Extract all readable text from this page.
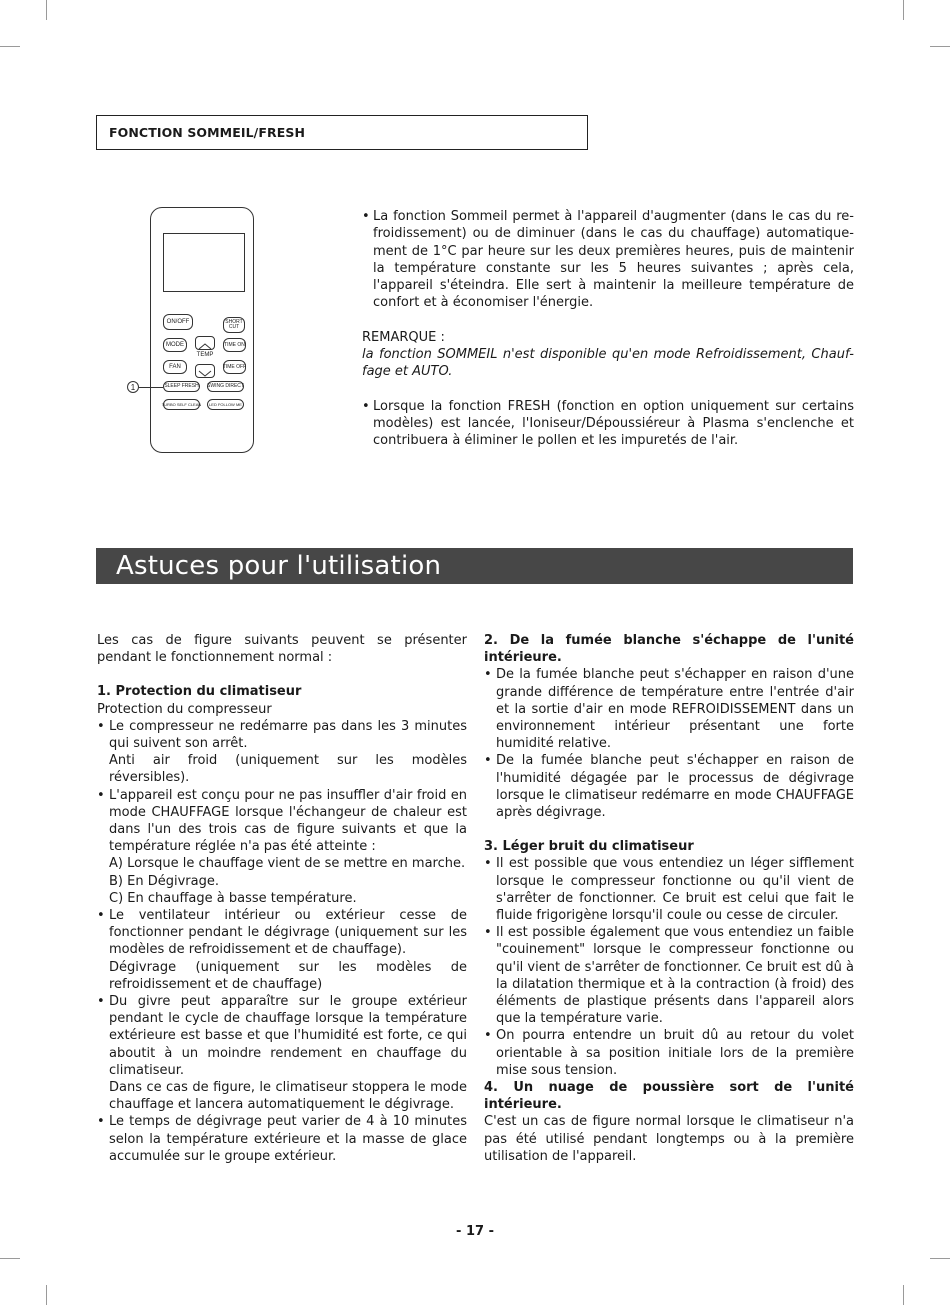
FONCTION SOMMEIL/FRESH
ON/OFF	SHORT CUT
MODE	TIME ON
TEMP
FAN	TIME OFF
SLEEP FRESH SWING DIRECT
TURBO SELF CLEAN	LED FOLLOW ME
1

• La fonction Sommeil permet à l'appareil d'augmenter (dans le cas du re- froidissement) ou de diminuer (dans le cas du chauffage) automatique- ment de 1°C par heure sur les deux premières heures, puis de maintenir la température constante sur les 5 heures suivantes ; après cela, l'appareil s'éteindra. Elle sert à maintenir la meilleure température de confort et à économiser l'énergie.

REMARQUE :

la fonction SOMMEIL n'est disponible qu'en mode Refroidissement, Chauf- fage et AUTO.

• Lorsque la fonction FRESH (fonction en option uniquement sur certains modèles) est lancée, l'Ioniseur/Dépoussiéreur à Plasma s'enclenche et contribuera à éliminer le pollen et les impuretés de l'air.

Astuces pour l'utilisation

Les cas de figure suivants peuvent se présenter pendant le fonctionnement normal :

1. Protection du climatiseur

Protection du compresseur

• Le compresseur ne redémarre pas dans les 3 minutes qui suivent son arrêt.

Anti air froid (uniquement sur les modèles réversibles).

• L'appareil est conçu pour ne pas insuffler d'air froid en mode CHAUFFAGE lorsque l'échangeur de chaleur est dans l'un des trois cas de figure suivants et que la température réglée n'a pas été atteinte :

A) Lorsque le chauffage vient de se mettre en marche.

B) En Dégivrage.

C) En chauffage à basse température.

• Le ventilateur intérieur ou extérieur cesse de fonctionner pendant le dégivrage (uniquement sur les modèles de refroidissement et de chauffage).

Dégivrage (uniquement sur les modèles de refroidissement et de chauffage)

• Du givre peut apparaître sur le groupe extérieur pendant le cycle de chauffage lorsque la température extérieure est basse et que l'humidité est forte, ce qui aboutit à un moindre rendement en chauffage du climatiseur.

Dans ce cas de figure, le climatiseur stoppera le mode chauffage et lancera automatiquement le dégivrage.

• Le temps de dégivrage peut varier de 4 à 10 minutes selon la température extérieure et la masse de glace accumulée sur le groupe extérieur.

2. De la fumée blanche s'échappe de l'unité intérieure.

• De la fumée blanche peut s'échapper en raison d'une grande différence de température entre l'entrée d'air et la sortie d'air en mode REFROIDISSEMENT dans un environnement intérieur présentant une forte humidité relative.

• De la fumée blanche peut s'échapper en raison de l'humidité dégagée par le processus de dégivrage lorsque le climatiseur redémarre en mode CHAUFFAGE après dégivrage.

3. Léger bruit du climatiseur

• Il est possible que vous entendiez un léger sifflement lorsque le compresseur fonctionne ou qu'il vient de s'arrêter de fonctionner. Ce bruit est celui que fait le fluide frigorigène lorsqu'il coule ou cesse de circuler.

• Il est possible également que vous entendiez un faible "couinement" lorsque le compresseur fonctionne ou qu'il vient de s'arrêter de fonctionner. Ce bruit est dû à la dilatation thermique et à la contraction (à froid) des éléments de plastique présents dans l'appareil alors que la température varie.

• On pourra entendre un bruit dû au retour du volet orientable à sa position initiale lors de la première mise sous tension.

4. Un nuage de poussière sort de l'unité intérieure.

C'est un cas de figure normal lorsque le climatiseur n'a pas été utilisé pendant longtemps ou à la première utilisation de l'appareil.

- 17 -
